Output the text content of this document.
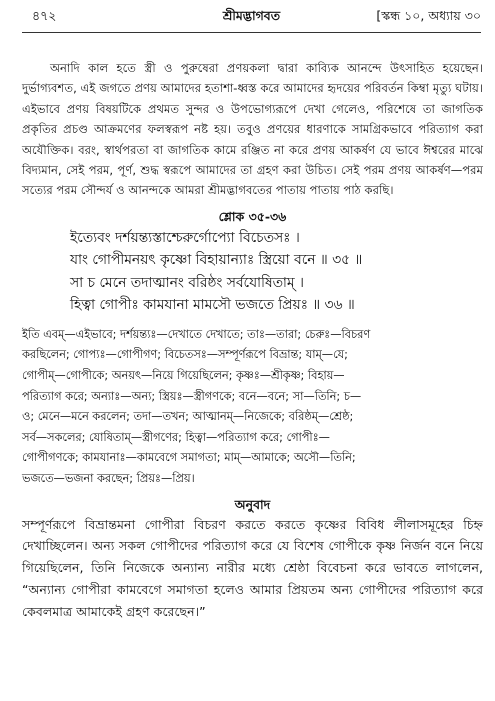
৪৭২	শ্রীমদ্ভাগবত	[স্কন্ধ ১০, অধ্যায় ৩০

অনাদি কাল হতে স্ত্রী ও পুরুষেরা প্রণয়কলা দ্বারা কাব্যিক আনন্দে উৎসাহিত হয়েছেন। দুর্ভাগ্যবশত, এই জগতে প্রণয় আমাদের হতাশা-ধ্বস্ত করে আমাদের হৃদয়ের পরিবর্তন কিম্বা মৃত্যু ঘটায়। এইভাবে প্রণয় বিষয়টিকে প্রথমত সুন্দর ও উপভোগ্যরূপে দেখা গেলেও, পরিশেষে তা জাগতিক প্রকৃতির প্রচণ্ড আক্রমণের ফলস্বরূপ নষ্ট হয়। তবুও প্রণয়ের ধারণাকে সামগ্রিকভাবে পরিত্যাগ করা অযৌক্তিক। বরং, স্বার্থপরতা বা জাগতিক কামে রঞ্জিত না করে প্রণয় আকর্ষণ যে ভাবে ঈশ্বরের মাঝে বিদ্যমান, সেই পরম, পূর্ণ, শুদ্ধ স্বরূপে আমাদের তা গ্রহণ করা উচিত। সেই পরম প্রণয় আকর্ষণ—পরম সত্যের পরম সৌন্দর্য ও আনন্দকে আমরা শ্রীমদ্ভাগবতের পাতায় পাতায় পাঠ করছি।

শ্লোক ৩৫-৩৬
ইত্যেবং দর্শয়ন্ত্যস্তাশ্চেরুর্গোপ্যো বিচেতসঃ ।
যাং গোপীমনয়ৎ কৃষ্ণো বিহায়ান্যাঃ স্ত্রিয়ো বনে ॥ ৩৫ ॥
সা চ মেনে তদাত্মানং বরিষ্ঠং সর্বযোষিতাম্ ।
হিত্বা গোপীঃ কামযানা মামসৌ ভজতে প্রিয়ঃ ॥ ৩৬ ॥

ইতি এবম্—এইভাবে; দর্শয়ন্ত্যঃ—দেখাতে দেখাতে; তাঃ—তারা; চেরুঃ—বিচরণ

করছিলেন; গোপ্যঃ—গোপীগণ; বিচেতসঃ—সম্পূর্ণরূপে বিভ্রান্ত; যাম্—যে;

গোপীম্—গোপীকে; অনয়ৎ—নিয়ে গিয়েছিলেন; কৃষ্ণঃ—শ্রীকৃষ্ণ; বিহায়—

পরিত্যাগ করে; অন্যাঃ—অন্য; স্ত্রিয়ঃ—স্ত্রীগণকে; বনে—বনে; সা—তিনি; চ—

ও; মেনে—মনে করলেন; তদা—তখন; আত্মানম্—নিজেকে; বরিষ্ঠম্—শ্রেষ্ঠ;

সর্ব—সকলের; যোষিতাম্—স্ত্রীগণের; হিত্বা—পরিত্যাগ করে; গোপীঃ—

গোপীগণকে; কামযানাঃ—কামবেগে সমাগতা; মাম্—আমাকে; অসৌ—তিনি;

ভজতে—ভজনা করছেন; প্রিয়ঃ—প্রিয়।

অনুবাদ

সম্পূর্ণরূপে বিভ্রান্তমনা গোপীরা বিচরণ করতে করতে কৃষ্ণের বিবিধ লীলাসমূহের চিহ্ন দেখাচ্ছিলেন। অন্য সকল গোপীদের পরিত্যাগ করে যে বিশেষ গোপীকে কৃষ্ণ নির্জন বনে নিয়ে গিয়েছিলেন, তিনি নিজেকে অন্যান্য নারীর মধ্যে শ্রেষ্ঠা বিবেচনা করে ভাবতে লাগলেন, “অন্যান্য গোপীরা কামবেগে সমাগতা হলেও আমার প্রিয়তম অন্য গোপীদের পরিত্যাগ করে কেবলমাত্র আমাকেই গ্রহণ করেছেন।”
